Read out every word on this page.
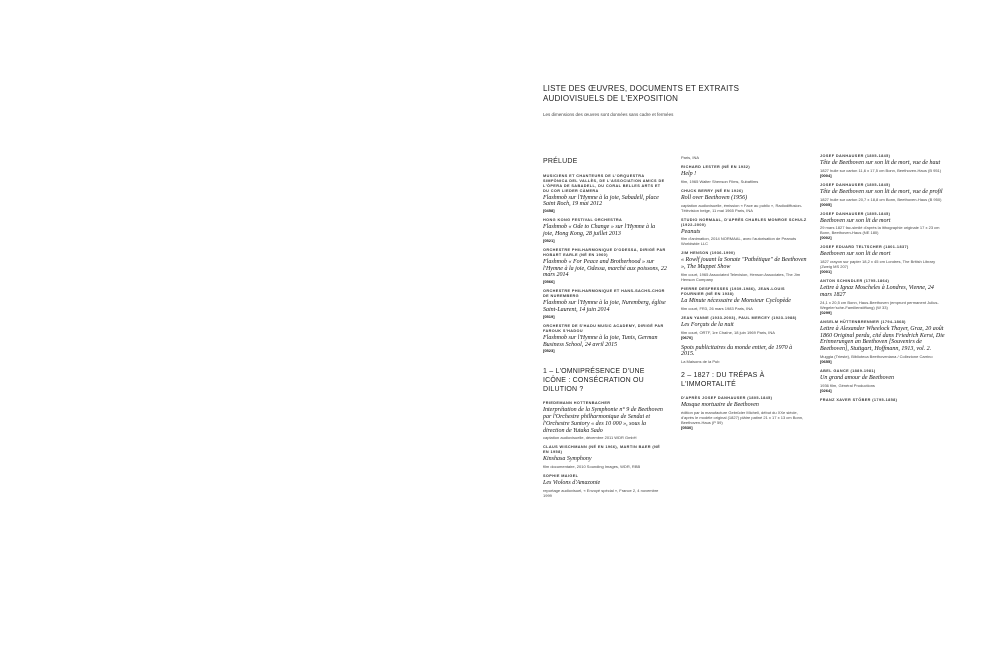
LISTE DES ŒUVRES, DOCUMENTS ET EXTRAITS AUDIOVISUELS DE L'EXPOSITION
Les dimensions des œuvres sont données sans cadre et fermées
PRÉLUDE
MUSICIENS ET CHANTEURS DE L'ORQUESTRA SIMFÒNICA DEL VALLÈS, DE L'ASSOCIATION AMICS DE L'ÒPERA DE SABADELL, DU CORAL BELLES ARTS ET DU COR LIEDER CÀMERA
Flashmob sur l'Hymne à la joie, Sabadell, place Saint Roch, 19 mai 2012
[0458]
HONG KONG FESTIVAL ORCHESTRA
Flashmob « Ode to Change » sur l'Hymne à la joie, Hong Kong, 28 juillet 2013
[0521]
ORCHESTRE PHILHARMONIQUE D'ODESSA, DIRIGÉ PAR HOBART EARLE (NÉ EN 1960)
Flashmob « For Peace and Brotherhood » sur l'Hymne à la joie, Odessa, marché aux poissons, 22 mars 2014
[0566]
ORCHESTRE PHILHARMONIQUE ET HANS-SACHS-CHOR DE NUREMBERG
Flashmob sur l'Hymne à la joie, Nuremberg, église Saint-Laurent, 14 juin 2014
[0519]
ORCHESTRE DE S'HADU MUSIC ACADEMY, DIRIGÉ PAR FAROUK S'HADOU
Flashmob sur l'Hymne à la joie, Tunis, German Business School, 24 avril 2015
[0523]
1 – L'OMNIPRÉSENCE D'UNE ICÔNE : CONSÉCRATION OU DILUTION ?
FRIEDEMANN HOTTENBACHER
Interprétation de la Symphonie n° 9 de Beethoven par l'Orchestre philharmonique de Sendai et l'Orchestre Suntory « des 10 000 », sous la direction de Yutaka Sado
captation audiovisuelle, décembre 2011 WDR GmbH
CLAUS WISCHMANN (NÉ EN 1966), MARTIN BAER (NÉ EN 1958)
Kinshasa Symphony
film documentaire, 2010 Sounding Images, WDR, RBB
SOPHIE MAIGEL
Les Violons d'Amazonie
reportage audiovisuel, « Envoyé spécial », France 2, 4 novembre 1999
Paris, INA
RICHARD LESTER (NÉ EN 1932)
Help !
film, 1965 Walter Shenson Films, Subafilms
CHUCK BERRY (NÉ EN 1926)
Roll over Beethoven (1956)
captation audiovisuelle, émission « Face au public », Radiodiffusion-Télévision belge, 11 mai 1965 Paris, INA
STUDIO NORMAAL, D'APRÈS CHARLES MONROE SCHULZ (1922-2000)
Peanuts
film d'animation, 2014 NORMAAL, avec l'autorisation de Peanuts Worldwide LLC
JIM HENSON (1936-1990)
« Rowlf jouant la Sonate "Pathétique" de Beethoven », The Muppet Show
film court, 1965 Associated Television, Henson Associates, The Jim Henson Company
PIERRE DESFRESSES (1939-1986), JEAN-LOUIS FOURNIER (NÉ EN 1938)
La Minute nécessaire de Monsieur Cyclopède
film court, FR3, 26 mars 1983 Paris, INA
JEAN YANNE (1933-2003), PAUL MERCEY (1923-1988)
Les Forçats de la nuit
film court, ORTF, 1re Chaîne, 18 juin 1969 Paris, INA
[0670]
Spots publicitaires du monde entier, de 1970 à 2015.
La Maisons de la Pub
2 – 1827 : DU TRÉPAS À L'IMMORTALITÉ
D'APRÈS JOSEF DANHAUSER (1805-1845)
Masque mortuaire de Beethoven
édition par la manufacture Gebrüder Micheli, début du XXe siècle, d'après le modèle original (1827) plâtre patiné 21 x 17 x 13 cm Bonn, Beethoven-Haus (P 59)
[0530]
JOSEF DANHAUSER (1805-1845)
Tête de Beethoven sur son lit de mort, vue de haut
1827 huile sur carton 11,6 x 17,5 cm Bonn, Beethoven-Haus (B 951)
[0004]
JOSEF DANHAUSER (1805-1845)
Tête de Beethoven sur son lit de mort, vue de profil
1827 huile sur carton 20,7 x 18,8 cm Bonn, Beethoven-Haus (B 950)
[0005]
JOSEF DANHAUSER (1805-1845)
Beethoven sur son lit de mort
29 mars 1827 fac-similé d'après la lithographie originale 17 x 23 cm Bonn, Beethoven-Haus (NE 180)
[0002]
JOSEF EDUARD TELTSCHER (1801-1837)
Beethoven sur son lit de mort
1827 crayon sur papier 18,2 x 45 cm Londres, The British Library (Zweig MS 207)
[0001]
ANTON SCHINDLER (1795-1864)
Lettre à Ignaz Moscheles à Londres, Vienne, 24 mars 1827
24,1 x 20,5 cm Bonn, Haus-Beethoven (emprunt permanent Julius-Wegeler'sche-Familienstiftung) (W 33)
[0299]
ANSELM HÜTTENBRENNER (1794-1868)
Lettre à Alexander Wheelock Thayer, Graz, 20 août 1860 Original perdu, cité dans Friedrich Kerst, Die Erinnerungen an Beethoven [Souvenirs de Beethoven], Stuttgart, Hoffmann, 1913, vol. 2.
Muggia (Trieste), Biblioteca Beethoveniana / Collezione Carrino
[0655]
ABEL GANCE (1889-1981)
Un grand amour de Beethoven
1936 film, Général Productions
[0264]
FRANZ XAVER STÖBER (1795-1858)
